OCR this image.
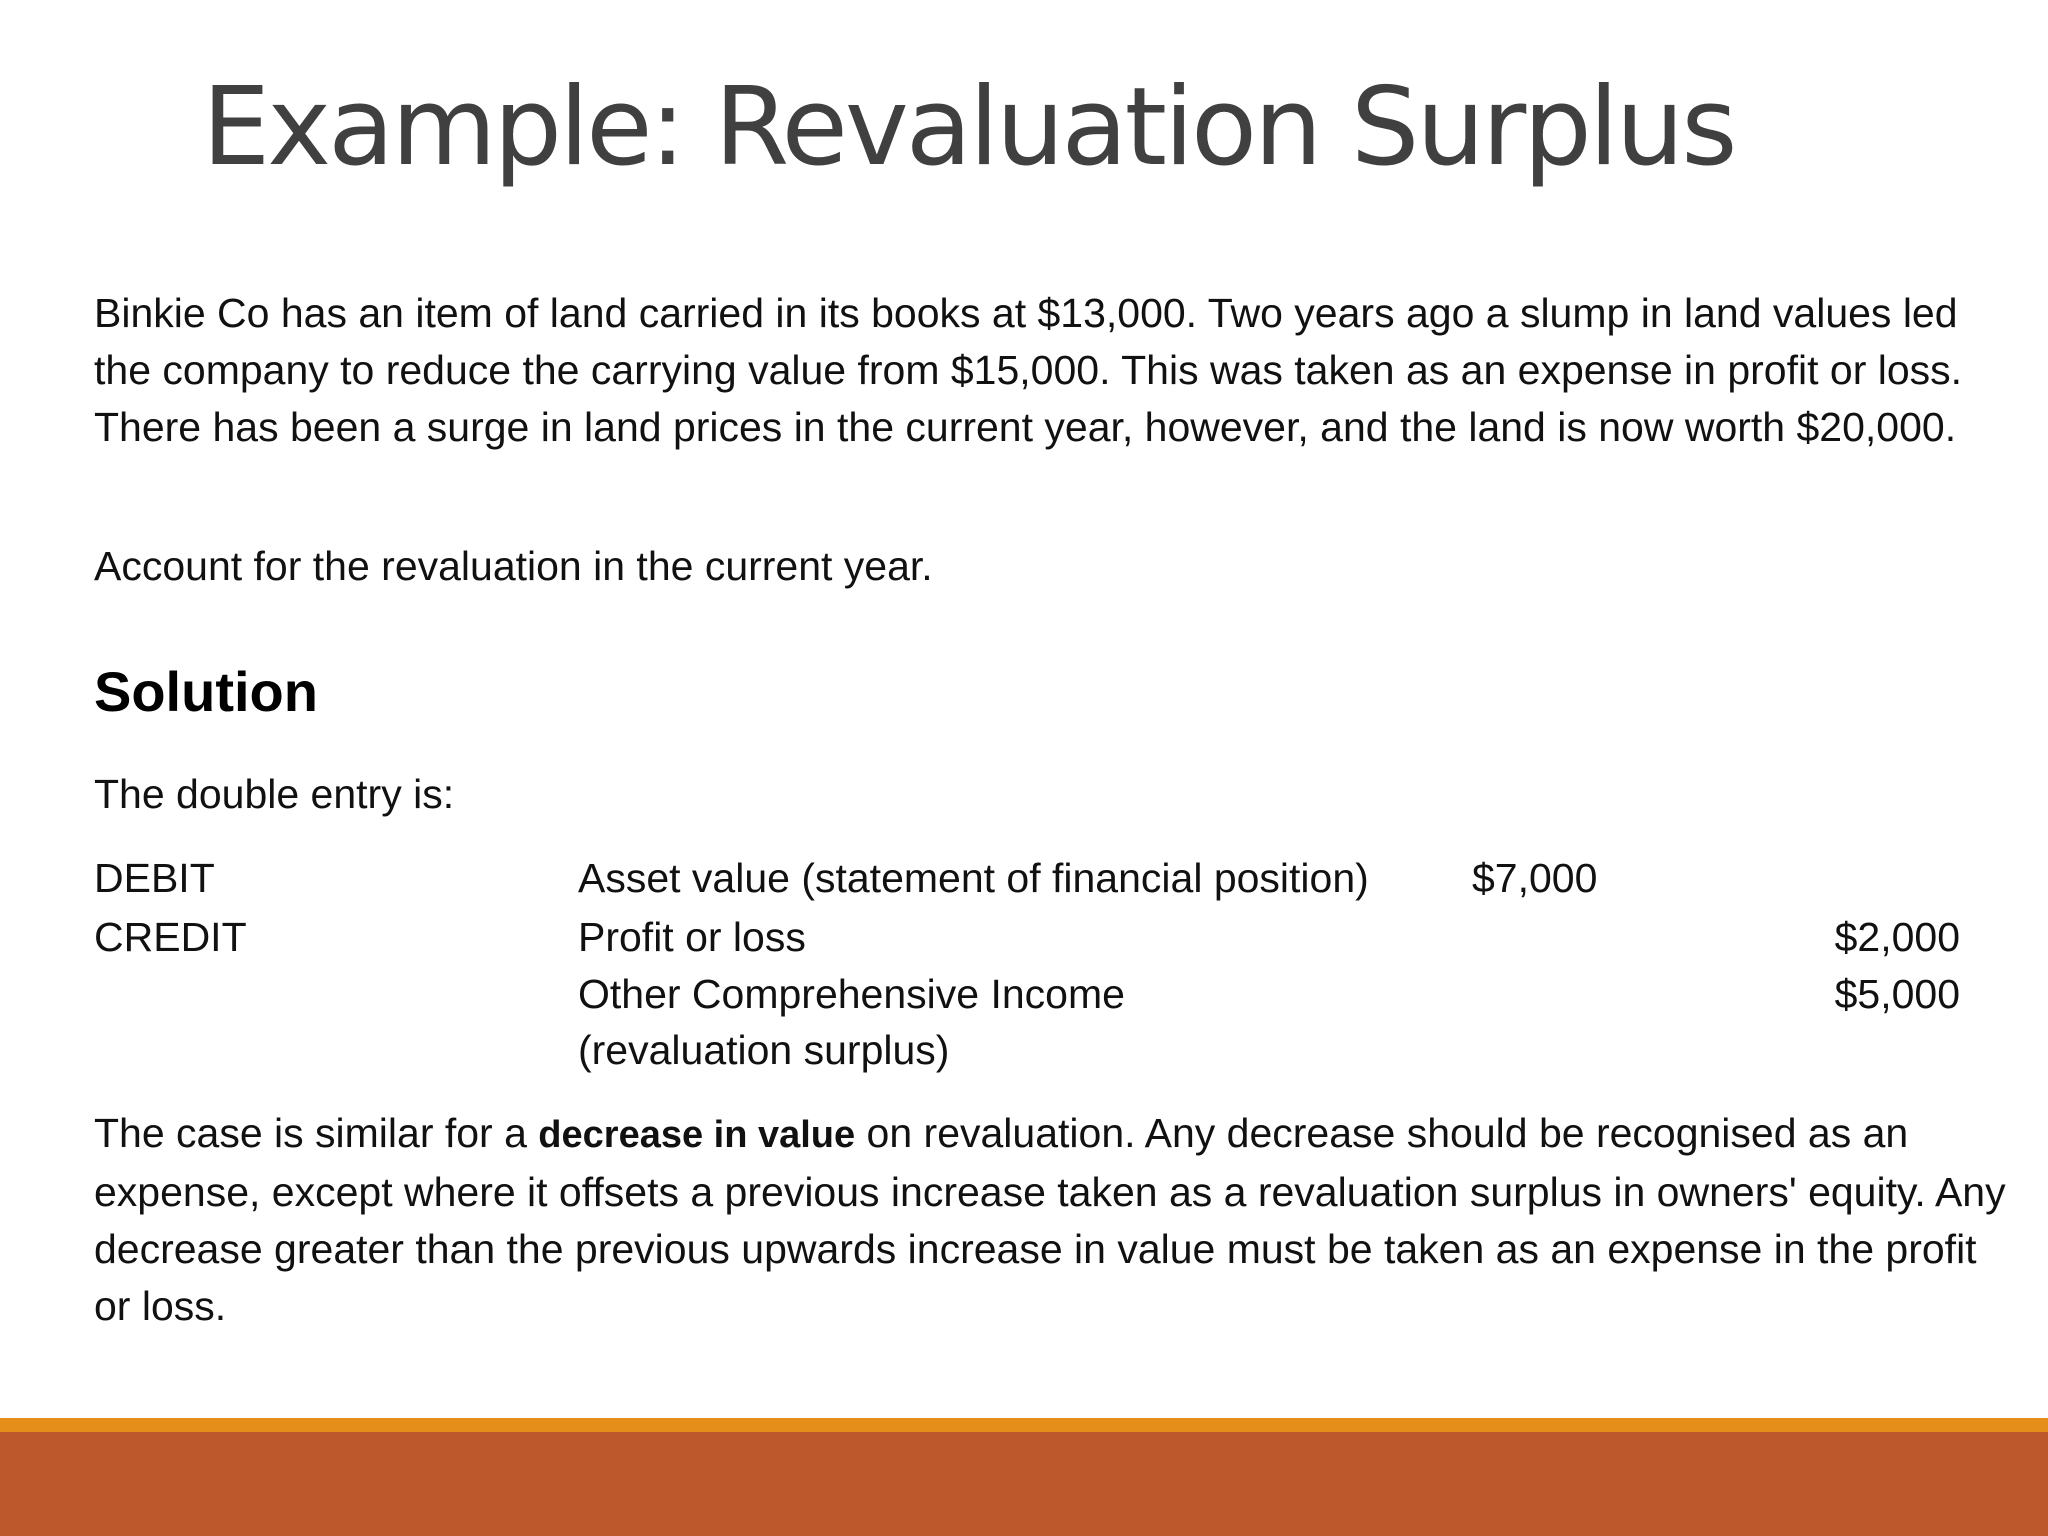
Example: Revaluation Surplus

Binkie Co has an item of land carried in its books at $13,000. Two years ago a slump in land values led the company to reduce the carrying value from $15,000. This was taken as an expense in profit or loss. There has been a surge in land prices in the current year, however, and the land is now worth $20,000.

Account for the revaluation in the current year.

Solution

The double entry is:

DEBIT	Asset value (statement of financial position)	$7,000
CREDIT	Profit or loss	$2,000
Other Comprehensive Income	$5,000
(revaluation surplus)

The case is similar for a decrease in value on revaluation. Any decrease should be recognised as an expense, except where it offsets a previous increase taken as a revaluation surplus in owners' equity. Any decrease greater than the previous upwards increase in value must be taken as an expense in the profit or loss.
